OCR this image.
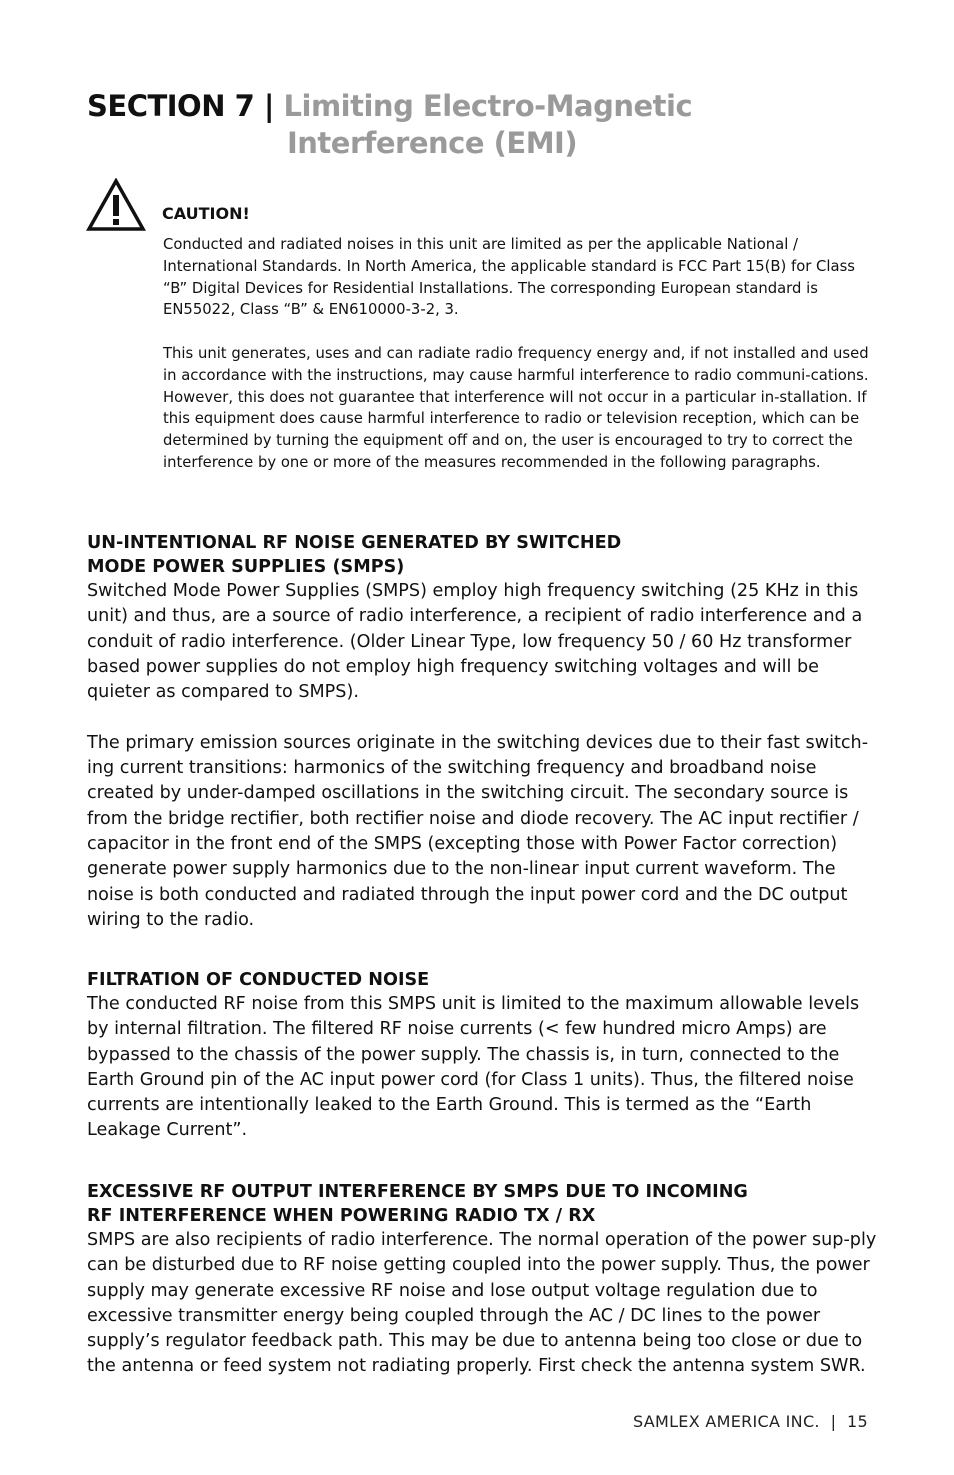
SECTION 7 | Limiting Electro-Magnetic
Interference (EMI)
CAUTION!

Conducted and radiated noises in this unit are limited as per the applicable National / International Standards. In North America, the applicable standard is FCC Part 15(B) for Class “B” Digital Devices for Residential Installations. The corresponding European standard is EN55022, Class “B” & EN610000-3-2, 3.

This unit generates, uses and can radiate radio frequency energy and, if not installed and used in accordance with the instructions, may cause harmful interference to radio communi-cations. However, this does not guarantee that interference will not occur in a particular in-stallation. If this equipment does cause harmful interference to radio or television reception, which can be determined by turning the equipment off and on, the user is encouraged to try to correct the interference by one or more of the measures recommended in the following paragraphs.

UN-INTENTIONAL RF NOISE GENERATED BY SWITCHED
MODE POWER SUPPLIES (SMPS)

Switched Mode Power Supplies (SMPS) employ high frequency switching (25 KHz in this unit) and thus, are a source of radio interference, a recipient of radio interference and a conduit of radio interference. (Older Linear Type, low frequency 50 / 60 Hz transformer based power supplies do not employ high frequency switching voltages and will be quieter as compared to SMPS).

The primary emission sources originate in the switching devices due to their fast switch-ing current transitions: harmonics of the switching frequency and broadband noise created by under-damped oscillations in the switching circuit. The secondary source is from the bridge rectifier, both rectifier noise and diode recovery. The AC input rectifier / capacitor in the front end of the SMPS (excepting those with Power Factor correction) generate power supply harmonics due to the non-linear input current waveform. The noise is both conducted and radiated through the input power cord and the DC output wiring to the radio.

FILTRATION OF CONDUCTED NOISE

The conducted RF noise from this SMPS unit is limited to the maximum allowable levels by internal filtration. The filtered RF noise currents (< few hundred micro Amps) are bypassed to the chassis of the power supply. The chassis is, in turn, connected to the Earth Ground pin of the AC input power cord (for Class 1 units). Thus, the filtered noise currents are intentionally leaked to the Earth Ground. This is termed as the “Earth Leakage Current”.

EXCESSIVE RF OUTPUT INTERFERENCE BY SMPS DUE TO INCOMING
RF INTERFERENCE WHEN POWERING RADIO TX / RX

SMPS are also recipients of radio interference. The normal operation of the power sup-ply can be disturbed due to RF noise getting coupled into the power supply. Thus, the power supply may generate excessive RF noise and lose output voltage regulation due to excessive transmitter energy being coupled through the AC / DC lines to the power supply’s regulator feedback path. This may be due to antenna being too close or due to the antenna or feed system not radiating properly. First check the antenna system SWR.

SAMLEX AMERICA INC.  |  15
